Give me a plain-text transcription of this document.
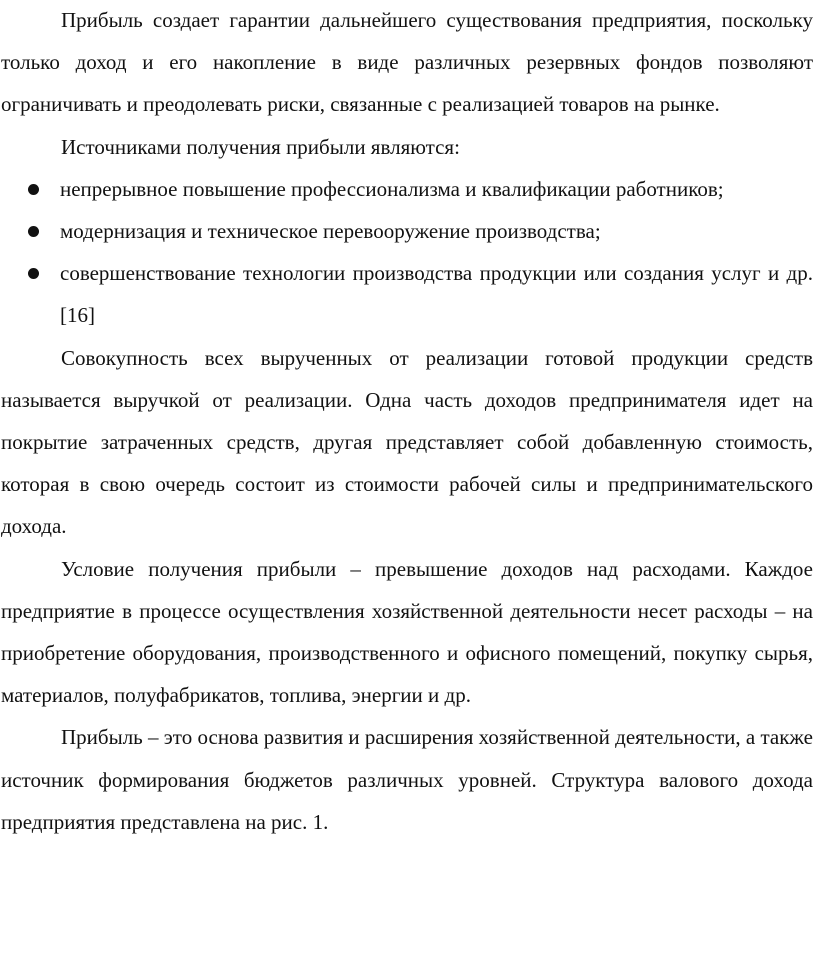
Прибыль создает гарантии дальнейшего существования предприятия, поскольку только доход и его накопление в виде различных резервных фондов позволяют ограничивать и преодолевать риски, связанные с реализацией товаров на рынке.

Источниками получения прибыли являются:

непрерывное повышение профессионализма и квалификации работников;
модернизация и техническое перевооружение производства;
совершенствование технологии производства продукции или создания услуг и др. [16]

Совокупность всех вырученных от реализации готовой продукции средств называется выручкой от реализации. Одна часть доходов предпринимателя идет на покрытие затраченных средств, другая представляет собой добавленную стоимость, которая в свою очередь состоит из стоимости рабочей силы и предпринимательского дохода.

Условие получения прибыли – превышение доходов над расходами. Каждое предприятие в процессе осуществления хозяйственной деятельности несет расходы – на приобретение оборудования, производственного и офисного помещений, покупку сырья, материалов, полуфабрикатов, топлива, энергии и др.

Прибыль – это основа развития и расширения хозяйственной деятельности, а также источник формирования бюджетов различных уровней. Структура валового дохода предприятия представлена на рис. 1.
